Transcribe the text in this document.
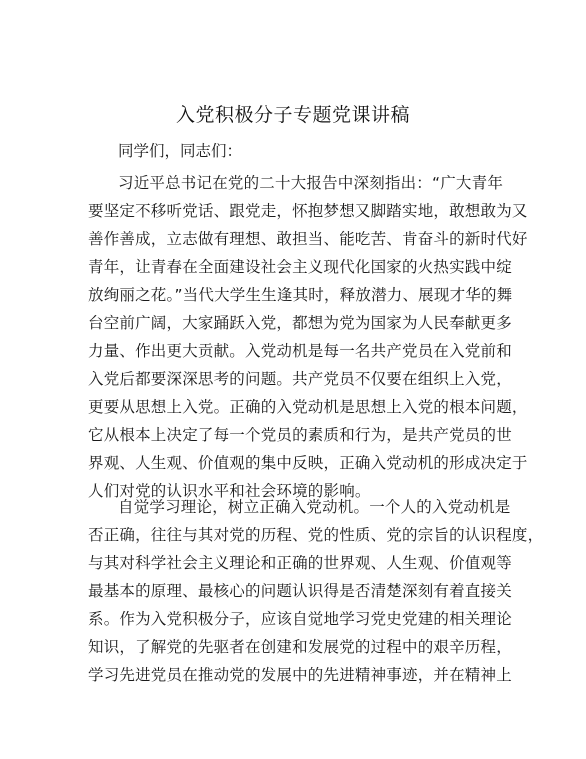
入党积极分子专题党课讲稿
同学们，同志们：
习近平总书记在党的二十大报告中深刻指出：“广大青年
要坚定不移听党话、跟党走，怀抱梦想又脚踏实地，敢想敢为又
善作善成，立志做有理想、敢担当、能吃苦、肯奋斗的新时代好
青年，让青春在全面建设社会主义现代化国家的火热实践中绽
放绚丽之花。”当代大学生生逢其时，释放潜力、展现才华的舞
台空前广阔，大家踊跃入党，都想为党为国家为人民奉献更多
力量、作出更大贡献。入党动机是每一名共产党员在入党前和
入党后都要深深思考的问题。共产党员不仅要在组织上入党，
更要从思想上入党。正确的入党动机是思想上入党的根本问题，
它从根本上决定了每一个党员的素质和行为，是共产党员的世
界观、人生观、价值观的集中反映，正确入党动机的形成决定于
人们对党的认识水平和社会环境的影响。
自觉学习理论，树立正确入党动机。一个人的入党动机是
否正确，往往与其对党的历程、党的性质、党的宗旨的认识程度，
与其对科学社会主义理论和正确的世界观、人生观、价值观等
最基本的原理、最核心的问题认识得是否清楚深刻有着直接关
系。作为入党积极分子，应该自觉地学习党史党建的相关理论
知识，了解党的先驱者在创建和发展党的过程中的艰辛历程，
学习先进党员在推动党的发展中的先进精神事迹，并在精神上
